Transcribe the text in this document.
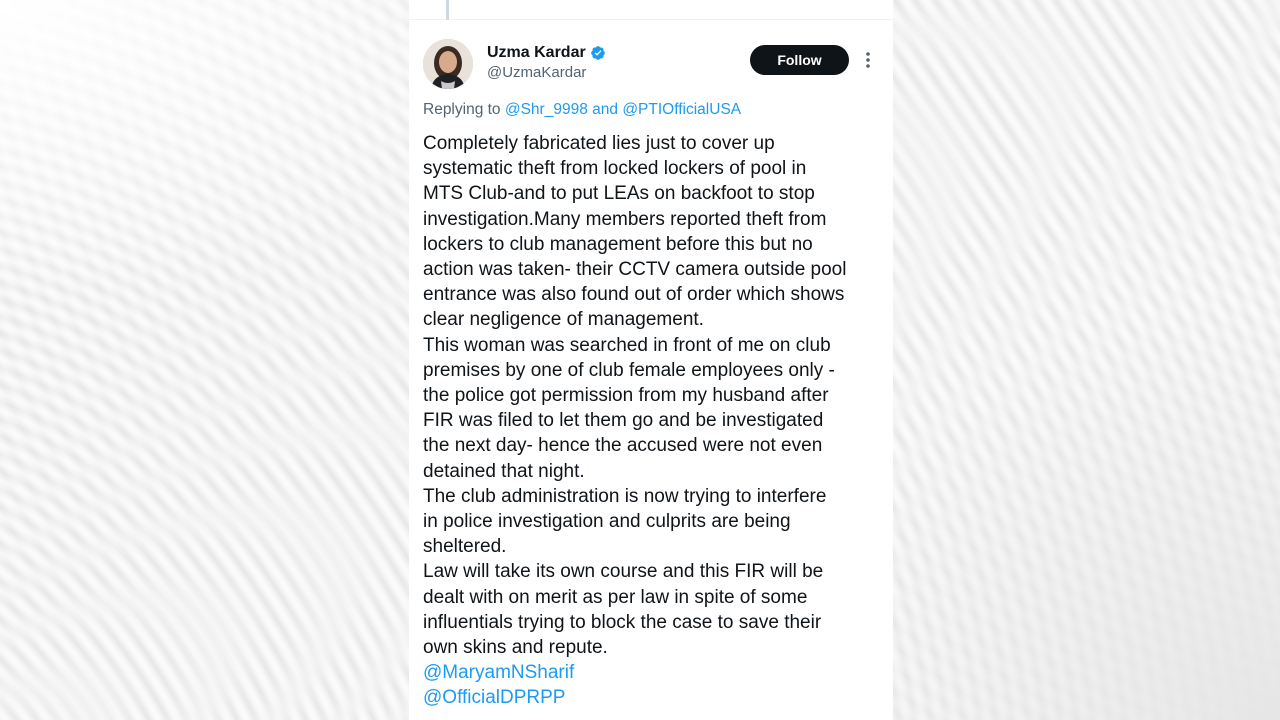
Uzma Kardar
@UzmaKardar
Follow
Replying to @Shr_9998 and @PTIOfficialUSA
Completely fabricated lies just to cover up
systematic theft from locked lockers of pool in
MTS Club-and to put LEAs on backfoot to stop
investigation.Many members reported theft from
lockers to club management before this but no
action was taken- their CCTV camera outside pool
entrance was also found out of order which shows
clear negligence of management.
This woman was searched in front of me on club
premises by one of club female employees only -
the police got permission from my husband after
FIR was filed to let them go and be investigated
the next day- hence the accused were not even
detained that night.
The club administration is now trying to interfere
in police investigation and culprits are being
sheltered.
Law will take its own course and this FIR will be
dealt with on merit as per law in spite of some
influentials trying to block the case to save their
own skins and repute.
@MaryamNSharif
@OfficialDPRPP
